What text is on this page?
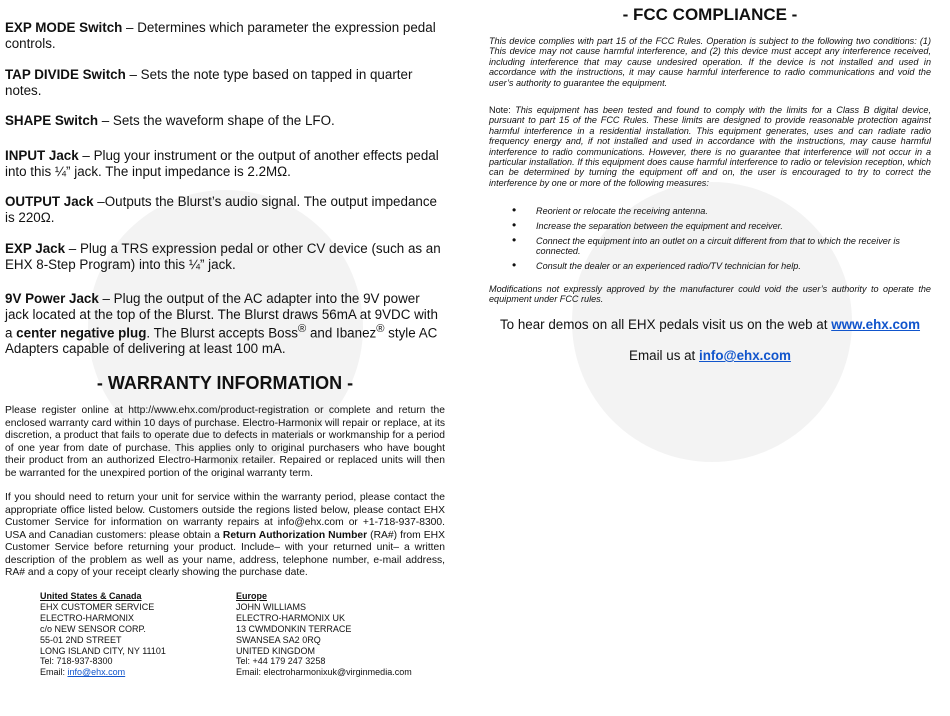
EXP MODE Switch – Determines which parameter the expression pedal controls.
TAP DIVIDE Switch – Sets the note type based on tapped in quarter notes.
SHAPE Switch – Sets the waveform shape of the LFO.
INPUT Jack – Plug your instrument or the output of another effects pedal into this ¼” jack. The input impedance is 2.2MΩ.
OUTPUT Jack –Outputs the Blurst’s audio signal. The output impedance is 220Ω.
EXP Jack – Plug a TRS expression pedal or other CV device (such as an EHX 8-Step Program) into this ¼” jack.
9V Power Jack – Plug the output of the AC adapter into the 9V power jack located at the top of the Blurst. The Blurst draws 56mA at 9VDC with a center negative plug. The Blurst accepts Boss® and Ibanez® style AC Adapters capable of delivering at least 100 mA.
- WARRANTY INFORMATION -
Please register online at http://www.ehx.com/product-registration or complete and return the enclosed warranty card within 10 days of purchase. Electro-Harmonix will repair or replace, at its discretion, a product that fails to operate due to defects in materials or workmanship for a period of one year from date of purchase. This applies only to original purchasers who have bought their product from an authorized Electro-Harmonix retailer. Repaired or replaced units will then be warranted for the unexpired portion of the original warranty term.
If you should need to return your unit for service within the warranty period, please contact the appropriate office listed below. Customers outside the regions listed below, please contact EHX Customer Service for information on warranty repairs at info@ehx.com or +1-718-937-8300. USA and Canadian customers: please obtain a Return Authorization Number (RA#) from EHX Customer Service before returning your product. Include– with your returned unit– a written description of the problem as well as your name, address, telephone number, e-mail address, RA# and a copy of your receipt clearly showing the purchase date.
United States & Canada
EHX CUSTOMER SERVICE
ELECTRO-HARMONIX
c/o NEW SENSOR CORP.
55-01 2ND STREET
LONG ISLAND CITY, NY 11101
Tel: 718-937-8300
Email: info@ehx.com
Europe
JOHN WILLIAMS
ELECTRO-HARMONIX UK
13 CWMDONKIN TERRACE
SWANSEA SA2 0RQ
UNITED KINGDOM
Tel: +44 179 247 3258
Email: electroharmonixuk@virginmedia.com
- FCC COMPLIANCE -
This device complies with part 15 of the FCC Rules. Operation is subject to the following two conditions: (1) This device may not cause harmful interference, and (2) this device must accept any interference received, including interference that may cause undesired operation. If the device is not installed and used in accordance with the instructions, it may cause harmful interference to radio communications and void the user’s authority to guarantee the equipment.
Note: This equipment has been tested and found to comply with the limits for a Class B digital device, pursuant to part 15 of the FCC Rules. These limits are designed to provide reasonable protection against harmful interference in a residential installation. This equipment generates, uses and can radiate radio frequency energy and, if not installed and used in accordance with the instructions, may cause harmful interference to radio communications. However, there is no guarantee that interference will not occur in a particular installation. If this equipment does cause harmful interference to radio or television reception, which can be determined by turning the equipment off and on, the user is encouraged to try to correct the interference by one or more of the following measures:
• Reorient or relocate the receiving antenna.
• Increase the separation between the equipment and receiver.
• Connect the equipment into an outlet on a circuit different from that to which the receiver is connected.
• Consult the dealer or an experienced radio/TV technician for help.
Modifications not expressly approved by the manufacturer could void the user’s authority to operate the equipment under FCC rules.
To hear demos on all EHX pedals visit us on the web at www.ehx.com
Email us at info@ehx.com
